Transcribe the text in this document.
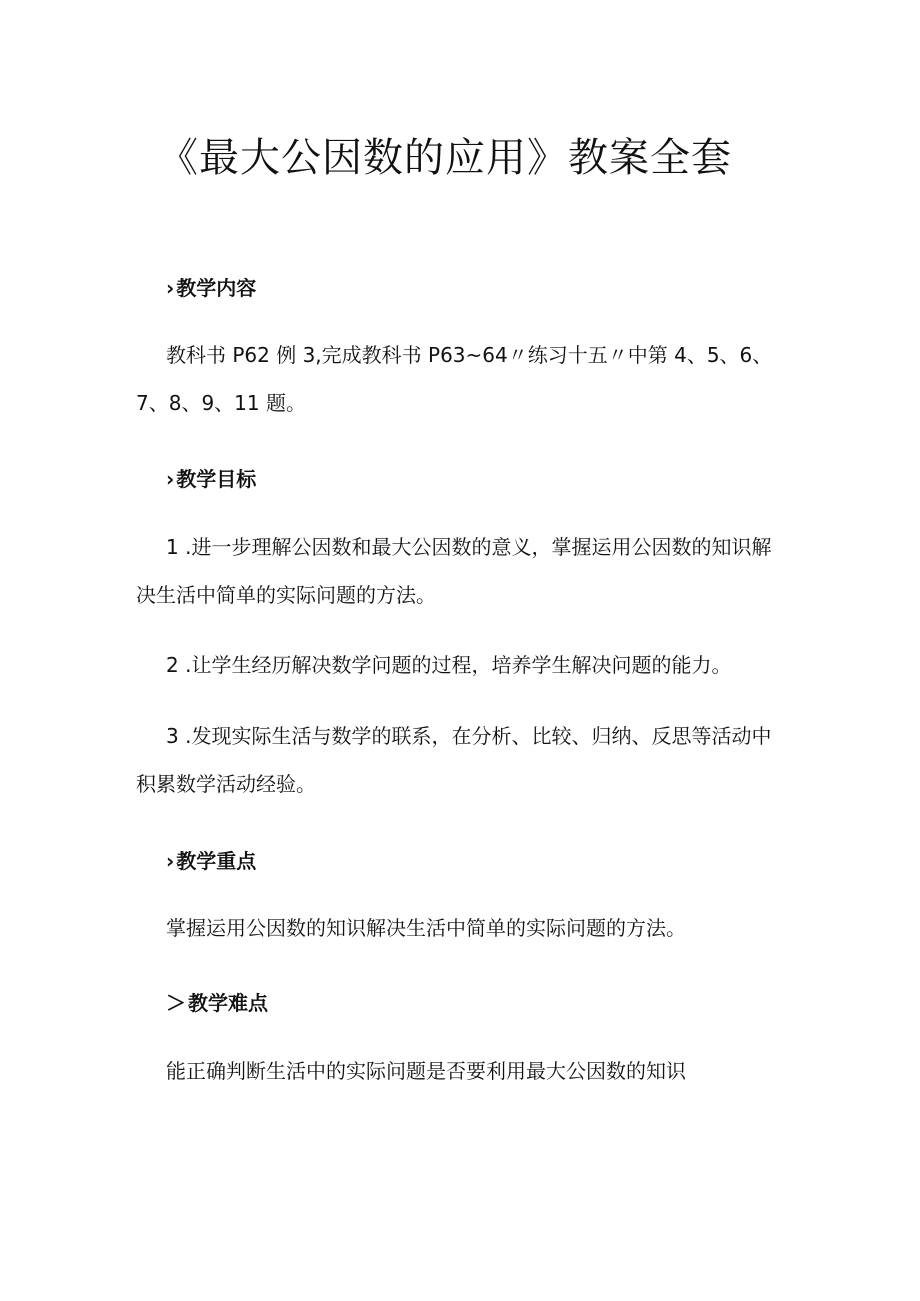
《最大公因数的应用》教案全套
› 教学内容
教科书 P62 例 3,完成教科书 P63~64〃练习十五〃中第 4、5、6、
7、8、9、11 题。
› 教学目标
1 .进一步理解公因数和最大公因数的意义，掌握运用公因数的知识解
决生活中简单的实际问题的方法。
2 .让学生经历解决数学问题的过程，培养学生解决问题的能力。
3 .发现实际生活与数学的联系，在分析、比较、归纳、反思等活动中
积累数学活动经验。
› 教学重点
掌握运用公因数的知识解决生活中简单的实际问题的方法。
＞ 教学难点
能正确判断生活中的实际问题是否要利用最大公因数的知识
